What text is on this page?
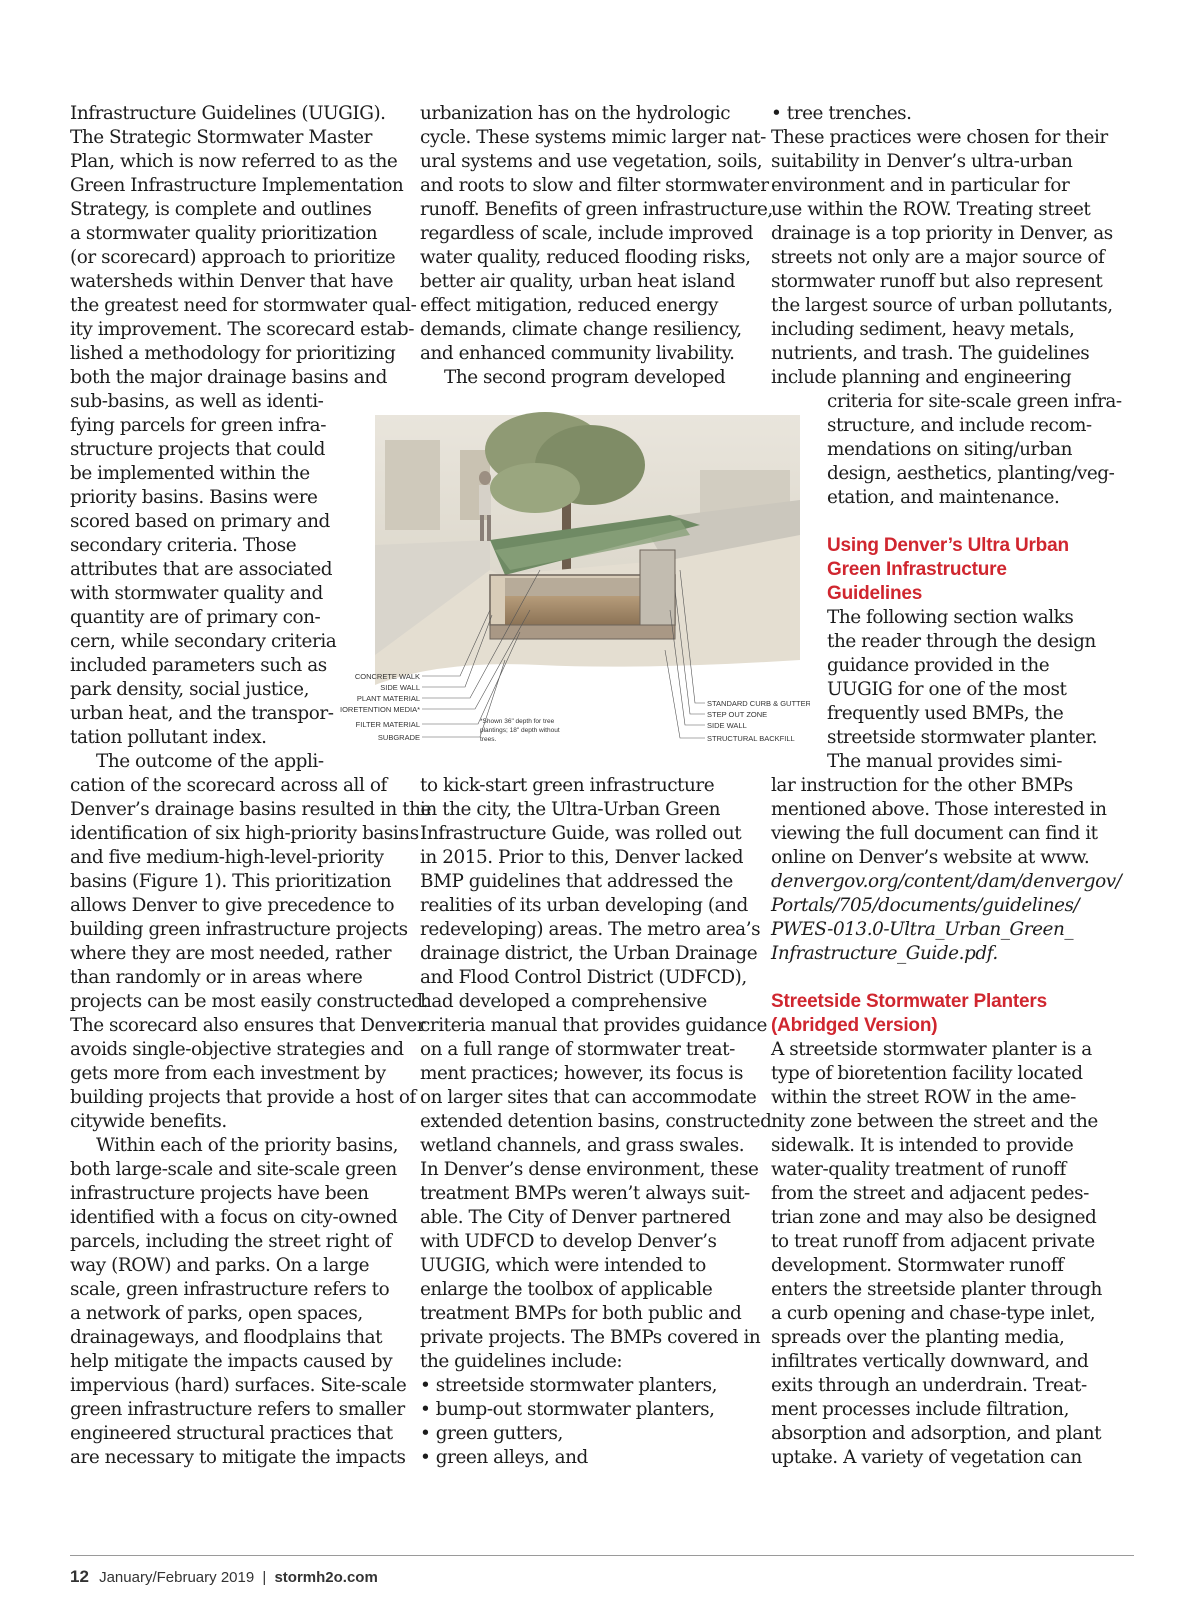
Infrastructure Guidelines (UUGIG).
The Strategic Stormwater Master
Plan, which is now referred to as the
Green Infrastructure Implementation
Strategy, is complete and outlines
a stormwater quality prioritization
(or scorecard) approach to prioritize
watersheds within Denver that have
the greatest need for stormwater qual-
ity improvement. The scorecard estab-
lished a methodology for prioritizing
both the major drainage basins and
sub-basins, as well as identi-
fying parcels for green infra-
structure projects that could
be implemented within the
priority basins. Basins were
scored based on primary and
secondary criteria. Those
attributes that are associated
with stormwater quality and
quantity are of primary con-
cern, while secondary criteria
included parameters such as
park density, social justice,
urban heat, and the transpor-
tation pollutant index.
The outcome of the appli-
cation of the scorecard across all of
Denver’s drainage basins resulted in the
identification of six high-priority basins
and five medium-high-level-priority
basins (Figure 1). This prioritization
allows Denver to give precedence to
building green infrastructure projects
where they are most needed, rather
than randomly or in areas where
projects can be most easily constructed.
The scorecard also ensures that Denver
avoids single-objective strategies and
gets more from each investment by
building projects that provide a host of
citywide benefits.
Within each of the priority basins,
both large-scale and site-scale green
infrastructure projects have been
identified with a focus on city-owned
parcels, including the street right of
way (ROW) and parks. On a large
scale, green infrastructure refers to
a network of parks, open spaces,
drainageways, and floodplains that
help mitigate the impacts caused by
impervious (hard) surfaces. Site-scale
green infrastructure refers to smaller
engineered structural practices that
are necessary to mitigate the impacts
urbanization has on the hydrologic
cycle. These systems mimic larger nat-
ural systems and use vegetation, soils,
and roots to slow and filter stormwater
runoff. Benefits of green infrastructure,
regardless of scale, include improved
water quality, reduced flooding risks,
better air quality, urban heat island
effect mitigation, reduced energy
demands, climate change resiliency,
and enhanced community livability.
The second program developed
to kick-start green infrastructure
in the city, the Ultra-Urban Green
Infrastructure Guide, was rolled out
in 2015. Prior to this, Denver lacked
BMP guidelines that addressed the
realities of its urban developing (and
redeveloping) areas. The metro area’s
drainage district, the Urban Drainage
and Flood Control District (UDFCD),
had developed a comprehensive
criteria manual that provides guidance
on a full range of stormwater treat-
ment practices; however, its focus is
on larger sites that can accommodate
extended detention basins, constructed
wetland channels, and grass swales.
In Denver’s dense environment, these
treatment BMPs weren’t always suit-
able. The City of Denver partnered
with UDFCD to develop Denver’s
UUGIG, which were intended to
enlarge the toolbox of applicable
treatment BMPs for both public and
private projects. The BMPs covered in
the guidelines include:
• streetside stormwater planters,
• bump-out stormwater planters,
• green gutters,
• green alleys, and
• tree trenches.
These practices were chosen for their
suitability in Denver’s ultra-urban
environment and in particular for
use within the ROW. Treating street
drainage is a top priority in Denver, as
streets not only are a major source of
stormwater runoff but also represent
the largest source of urban pollutants,
including sediment, heavy metals,
nutrients, and trash. The guidelines
include planning and engineering
criteria for site-scale green infra-
structure, and include recom-
mendations on siting/urban
design, aesthetics, planting/veg-
etation, and maintenance.
Using Denver’s Ultra Urban
Green Infrastructure
Guidelines
The following section walks
the reader through the design
guidance provided in the
UUGIG for one of the most
frequently used BMPs, the
streetside stormwater planter.
The manual provides simi-
lar instruction for the other BMPs
mentioned above. Those interested in
viewing the full document can find it
online on Denver’s website at www.
denvergov.org/content/dam/denvergov/
Portals/705/documents/guidelines/
PWES-013.0-Ultra_Urban_Green_
Infrastructure_Guide.pdf.
Streetside Stormwater Planters
(Abridged Version)
A streetside stormwater planter is a
type of bioretention facility located
within the street ROW in the ame-
nity zone between the street and the
sidewalk. It is intended to provide
water-quality treatment of runoff
from the street and adjacent pedes-
trian zone and may also be designed
to treat runoff from adjacent private
development. Stormwater runoff
enters the streetside planter through
a curb opening and chase-type inlet,
spreads over the planting media,
infiltrates vertically downward, and
exits through an underdrain. Treat-
ment processes include filtration,
absorption and adsorption, and plant
uptake. A variety of vegetation can
CONCRETE WALK
SIDE WALL
PLANT MATERIAL
BIORETENTION MEDIA*
FILTER MATERIAL
SUBGRADE
STANDARD CURB & GUTTER
STEP OUT ZONE
SIDE WALL
STRUCTURAL BACKFILL
*Shown 36" depth for tree
plantings; 18" depth without
trees.
12 January/February 2019 | stormh2o.com
